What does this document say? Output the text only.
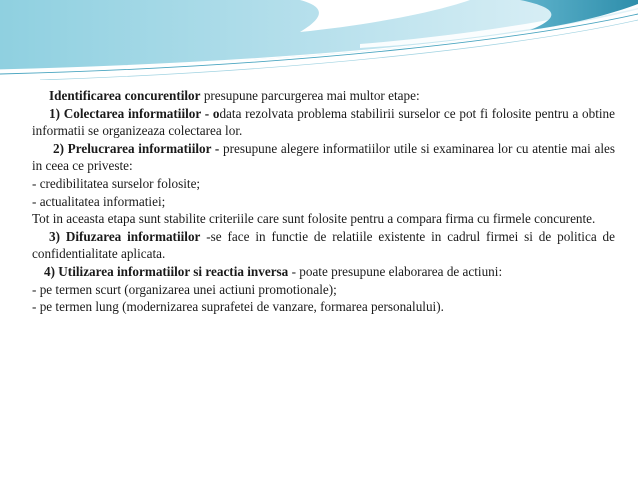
Identificarea concurentilor presupune parcurgerea mai multor etape:

1) Colectarea informatiilor - odata rezolvata problema stabilirii surselor ce pot fi folosite pentru a obtine informatii se organizeaza colectarea lor.

2) Prelucrarea informatiilor - presupune alegere informatiilor utile si examinarea lor cu atentie mai ales in ceea ce priveste:

- credibilitatea surselor folosite;

- actualitatea informatiei;

Tot in aceasta etapa sunt stabilite criteriile care sunt folosite pentru a compara firma cu firmele concurente.

3) Difuzarea informatiilor -se face in functie de relatiile existente in cadrul firmei si de politica de confidentialitate aplicata.

4) Utilizarea informatiilor si reactia inversa - poate presupune elaborarea de actiuni:

- pe termen scurt (organizarea unei actiuni promotionale);

- pe termen lung (modernizarea suprafetei de vanzare, formarea personalului).
